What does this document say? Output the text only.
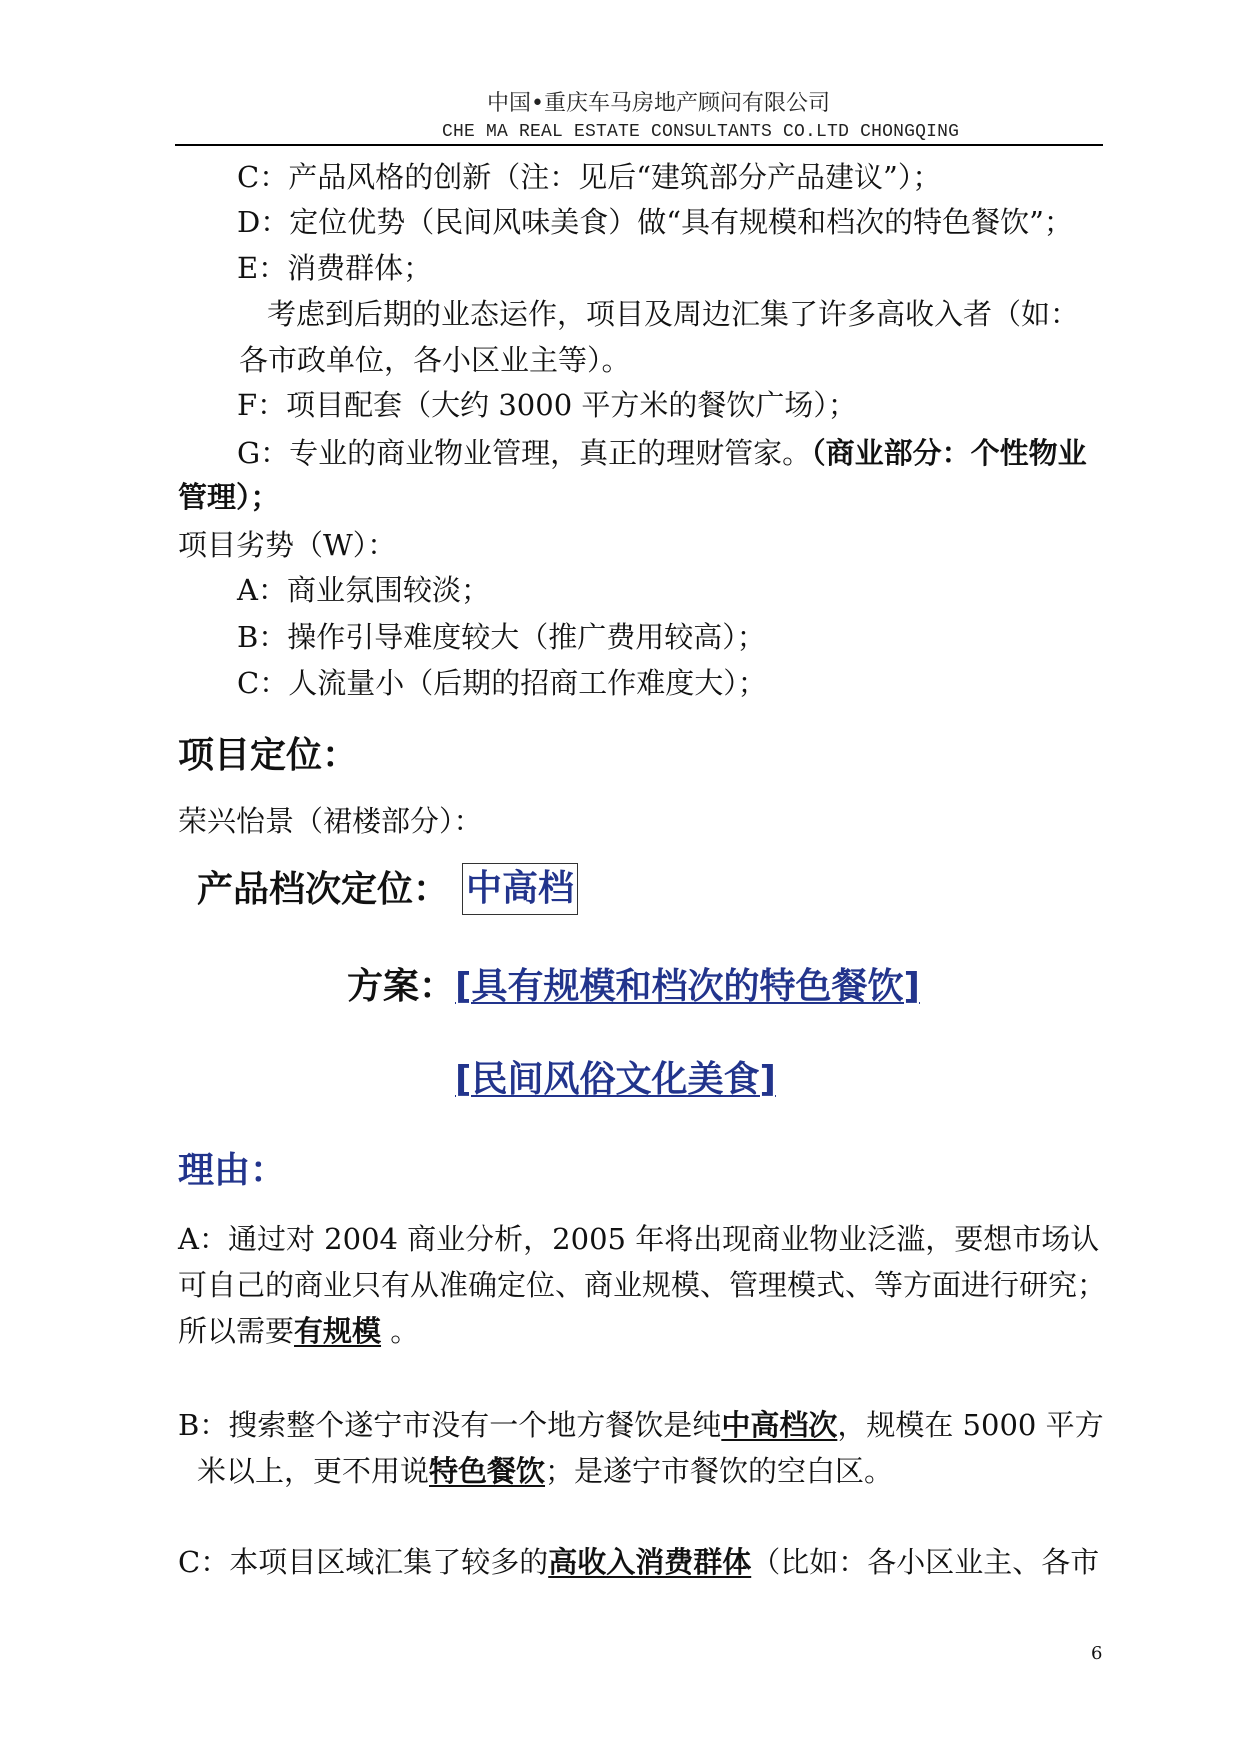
中国•重庆车马房地产顾问有限公司
CHE MA REAL ESTATE CONSULTANTS CO.LTD CHONGQING
C：产品风格的创新（注：见后“建筑部分产品建议”）；
D：定位优势（民间风味美食）做“具有规模和档次的特色餐饮”；
E：消费群体；
考虑到后期的业态运作，项目及周边汇集了许多高收入者（如：
各市政单位，各小区业主等）。
F：项目配套（大约 3000 平方米的餐饮广场）；
G：专业的商业物业管理，真正的理财管家。（商业部分：个性物业
管理）；
项目劣势（W）：
A：商业氛围较淡；
B：操作引导难度较大（推广费用较高）；
C：人流量小（后期的招商工作难度大）；
项目定位：
荣兴怡景（裙楼部分）：
产品档次定位： 中高档
方案：[具有规模和档次的特色餐饮]
[民间风俗文化美食]
理由：
A：通过对 2004 商业分析，2005 年将出现商业物业泛滥，要想市场认
可自己的商业只有从准确定位、商业规模、管理模式、等方面进行研究；
所以需要有规模 。
B：搜索整个遂宁市没有一个地方餐饮是纯中高档次，规模在 5000 平方
米以上，更不用说特色餐饮；是遂宁市餐饮的空白区。
C：本项目区域汇集了较多的高收入消费群体（比如：各小区业主、各市
6
